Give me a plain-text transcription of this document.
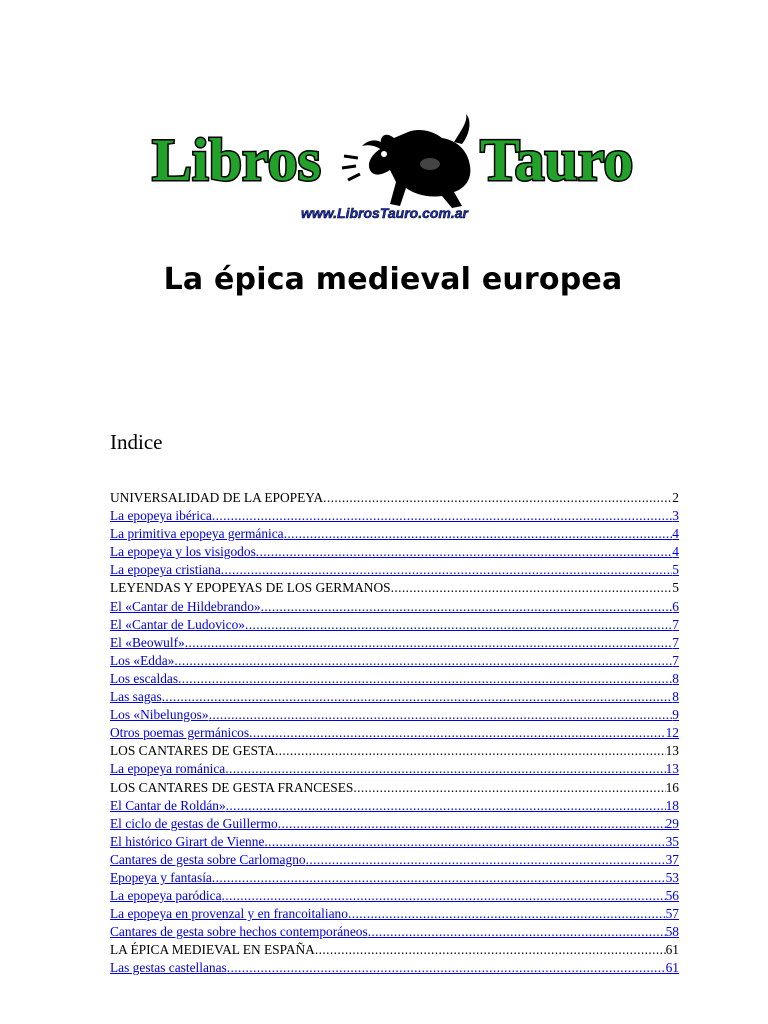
Libros	Tauro
www.LibrosTauro.com.ar
La épica medieval europea
Indice
UNIVERSALIDAD DE LA EPOPEYA .....	2
La epopeya ibérica .....	3
La primitiva epopeya germánica .....	4
La epopeya y los visigodos .....	4
La epopeya cristiana .....	5
LEYENDAS Y EPOPEYAS DE LOS GERMANOS .....	5
El «Cantar de Hildebrando» .....	6
El «Cantar de Ludovico» .....	7
El «Beowulf» .....	7
Los «Edda» .....	7
Los escaldas .....	8
Las sagas .....	8
Los «Nibelungos» .....	9
Otros poemas germánicos .....	12
LOS CANTARES DE GESTA .....	13
La epopeya románica .....	13
LOS CANTARES DE GESTA FRANCESES .....	16
El Cantar de Roldán» .....	18
El ciclo de gestas de Guillermo .....	29
El histórico Girart de Vienne .....	35
Cantares de gesta sobre Carlomagno .....	37
Epopeya y fantasía .....	53
La epopeya paródica .....	56
La epopeya en provenzal y en francoitaliano .....	57
Cantares de gesta sobre hechos contemporáneos .....	58
LA ÉPICA MEDIEVAL EN ESPAÑA .....	61
Las gestas castellanas .....	61
